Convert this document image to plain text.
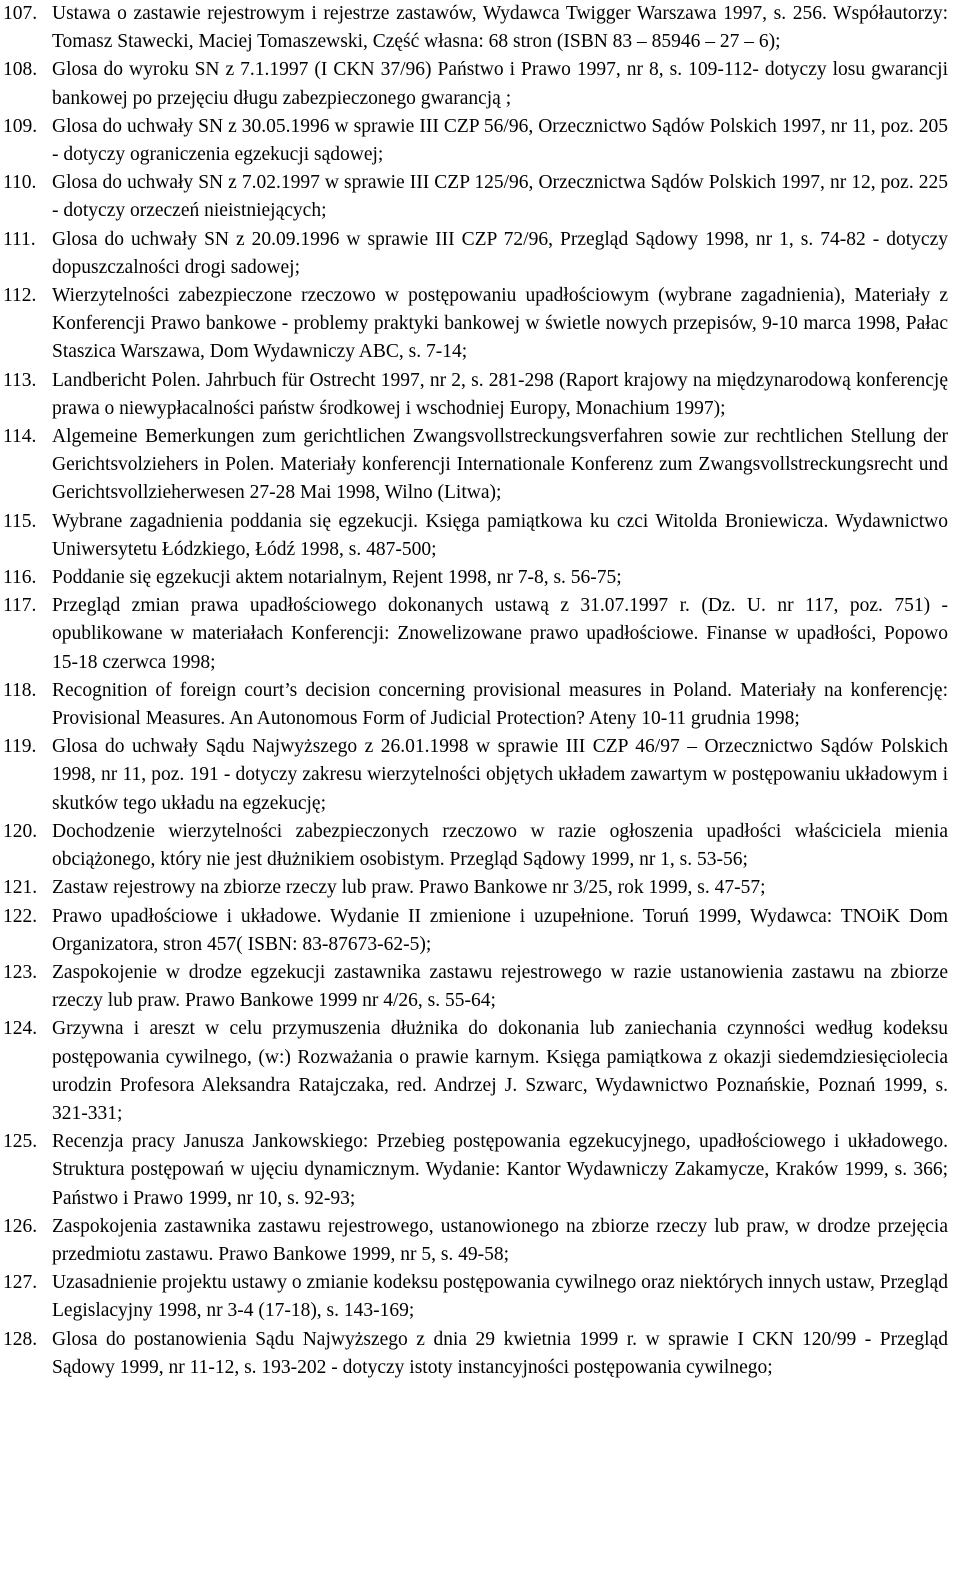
107. Ustawa o zastawie rejestrowym i rejestrze zastawów, Wydawca Twigger Warszawa 1997, s. 256. Współautorzy: Tomasz Stawecki, Maciej Tomaszewski, Część własna: 68 stron (ISBN 83 – 85946 – 27 – 6);
108. Glosa do wyroku SN z 7.1.1997 (I CKN 37/96) Państwo i Prawo 1997, nr 8, s. 109-112- dotyczy losu gwarancji bankowej po przejęciu długu zabezpieczonego gwarancją ;
109. Glosa do uchwały SN z 30.05.1996 w sprawie III CZP 56/96, Orzecznictwo Sądów Polskich 1997, nr 11, poz. 205 - dotyczy ograniczenia egzekucji sądowej;
110. Glosa do uchwały SN z 7.02.1997 w sprawie III CZP 125/96, Orzecznictwa Sądów Polskich 1997, nr 12, poz. 225 - dotyczy orzeczeń nieistniejących;
111. Glosa do uchwały SN z 20.09.1996 w sprawie III CZP 72/96, Przegląd Sądowy 1998, nr 1, s. 74-82 - dotyczy dopuszczalności drogi sadowej;
112. Wierzytelności zabezpieczone rzeczowo w postępowaniu upadłościowym (wybrane zagadnienia), Materiały z Konferencji Prawo bankowe - problemy praktyki bankowej w świetle nowych przepisów, 9-10 marca 1998, Pałac Staszica Warszawa, Dom Wydawniczy ABC, s. 7-14;
113. Landbericht Polen. Jahrbuch für Ostrecht 1997, nr 2, s. 281-298 (Raport krajowy na międzynarodową konferencję prawa o niewypłacalności państw środkowej i wschodniej Europy, Monachium 1997);
114. Algemeine Bemerkungen zum gerichtlichen Zwangsvollstreckungsverfahren sowie zur rechtlichen Stellung der Gerichtsvolziehers in Polen. Materiały konferencji Internationale Konferenz zum Zwangsvollstreckungsrecht und Gerichtsvollzieherwesen 27-28 Mai 1998, Wilno (Litwa);
115. Wybrane zagadnienia poddania się egzekucji. Księga pamiątkowa ku czci Witolda Broniewicza. Wydawnictwo Uniwersytetu Łódzkiego, Łódź 1998, s. 487-500;
116. Poddanie się egzekucji aktem notarialnym, Rejent 1998, nr 7-8, s. 56-75;
117. Przegląd zmian prawa upadłościowego dokonanych ustawą z 31.07.1997 r. (Dz. U. nr 117, poz. 751) - opublikowane w materiałach Konferencji: Znowelizowane prawo upadłościowe. Finanse w upadłości, Popowo 15-18 czerwca 1998;
118. Recognition of foreign court’s decision concerning provisional measures in Poland. Materiały na konferencję: Provisional Measures. An Autonomous Form of Judicial Protection? Ateny 10-11 grudnia 1998;
119. Glosa do uchwały Sądu Najwyższego z 26.01.1998 w sprawie III CZP 46/97 – Orzecznictwo Sądów Polskich 1998, nr 11, poz. 191 - dotyczy zakresu wierzytelności objętych układem zawartym w postępowaniu układowym i skutków tego układu na egzekucję;
120. Dochodzenie wierzytelności zabezpieczonych rzeczowo w razie ogłoszenia upadłości właściciela mienia obciążonego, który nie jest dłużnikiem osobistym. Przegląd Sądowy 1999, nr 1, s. 53-56;
121. Zastaw rejestrowy na zbiorze rzeczy lub praw. Prawo Bankowe nr 3/25, rok 1999, s. 47-57;
122. Prawo upadłościowe i układowe. Wydanie II zmienione i uzupełnione. Toruń 1999, Wydawca: TNOiK Dom Organizatora, stron 457( ISBN: 83-87673-62-5);
123. Zaspokojenie w drodze egzekucji zastawnika zastawu rejestrowego w razie ustanowienia zastawu na zbiorze rzeczy lub praw. Prawo Bankowe 1999 nr 4/26, s. 55-64;
124. Grzywna i areszt w celu przymuszenia dłużnika do dokonania lub zaniechania czynności według kodeksu postępowania cywilnego, (w:) Rozważania o prawie karnym. Księga pamiątkowa z okazji siedemdziesięciolecia urodzin Profesora Aleksandra Ratajczaka, red. Andrzej J. Szwarc, Wydawnictwo Poznańskie, Poznań 1999, s. 321-331;
125. Recenzja pracy Janusza Jankowskiego: Przebieg postępowania egzekucyjnego, upadłościowego i układowego. Struktura postępowań w ujęciu dynamicznym. Wydanie: Kantor Wydawniczy Zakamycze, Kraków 1999, s. 366; Państwo i Prawo 1999, nr 10, s. 92-93;
126. Zaspokojenia zastawnika zastawu rejestrowego, ustanowionego na zbiorze rzeczy lub praw, w drodze przejęcia przedmiotu zastawu. Prawo Bankowe 1999, nr 5, s. 49-58;
127. Uzasadnienie projektu ustawy o zmianie kodeksu postępowania cywilnego oraz niektórych innych ustaw, Przegląd Legislacyjny 1998, nr 3-4 (17-18), s. 143-169;
128. Glosa do postanowienia Sądu Najwyższego z dnia 29 kwietnia 1999 r. w sprawie I CKN 120/99 - Przegląd Sądowy 1999, nr 11-12, s. 193-202 - dotyczy istoty instancyjności postępowania cywilnego;
